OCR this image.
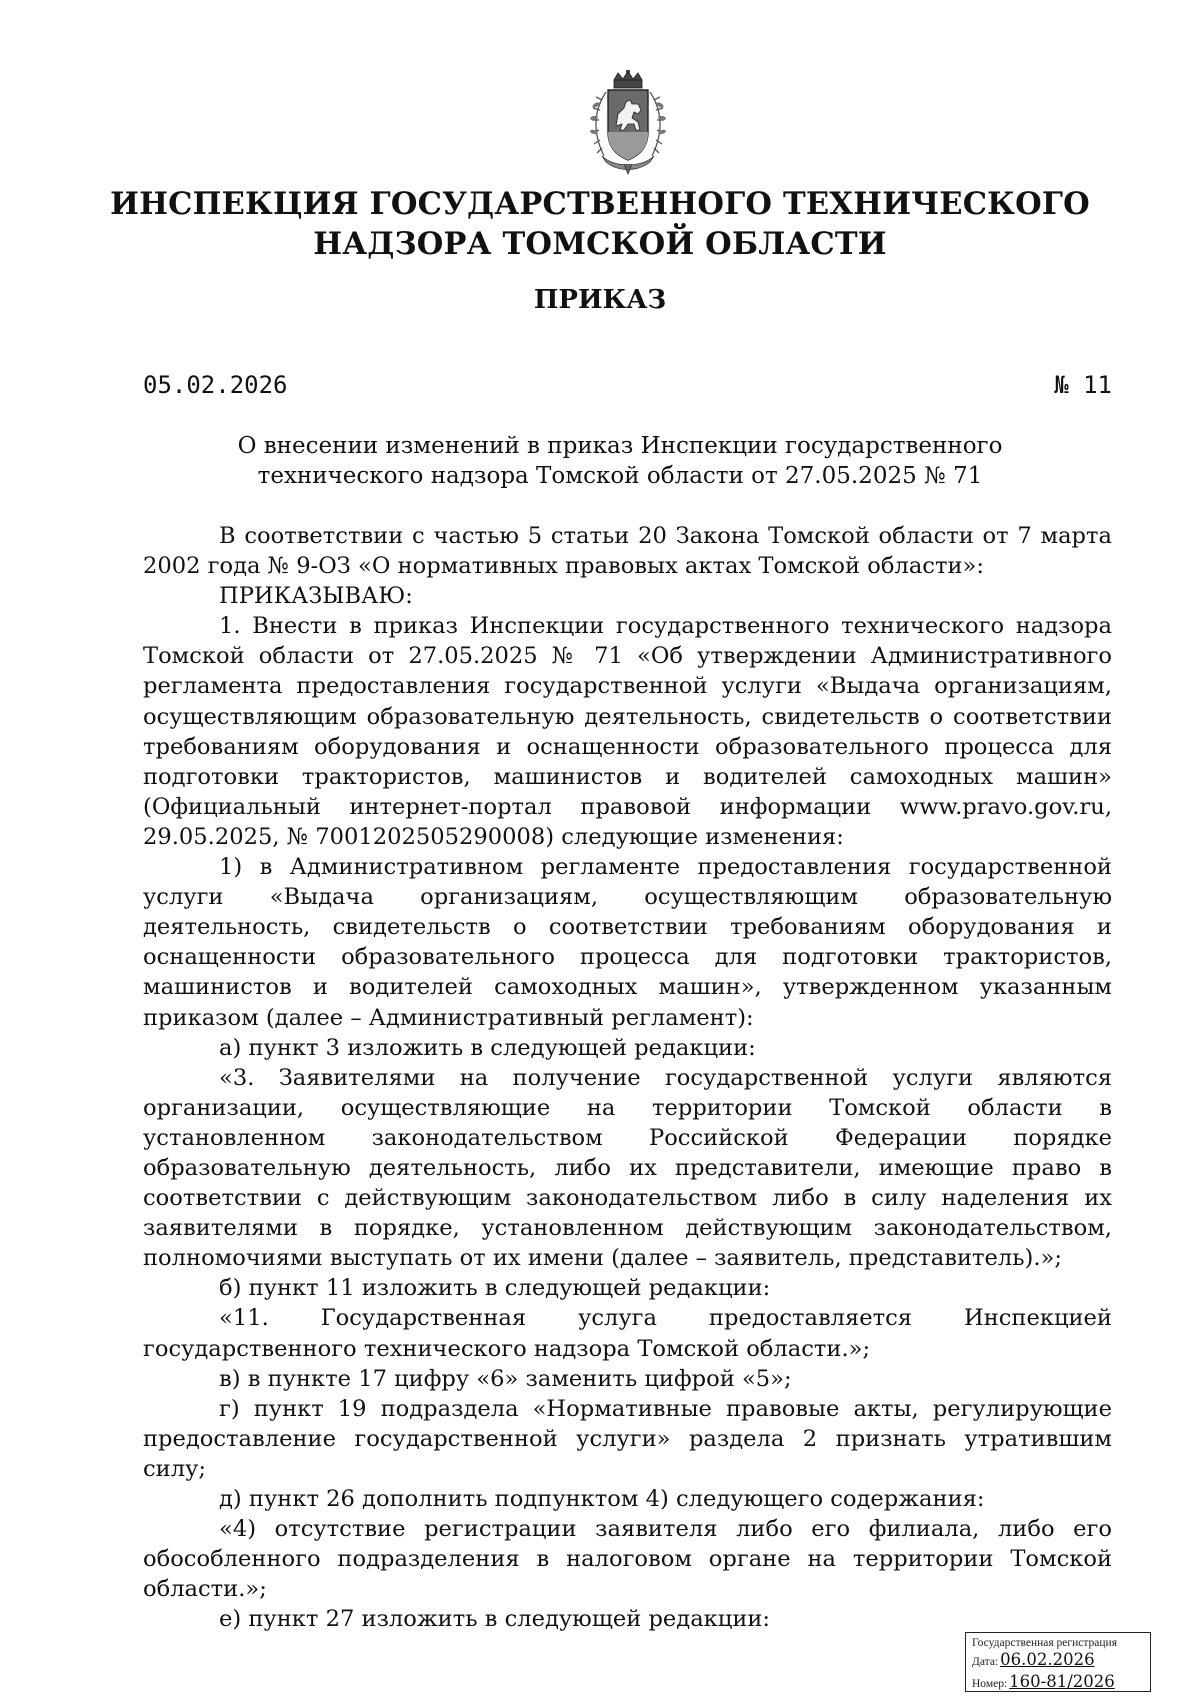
ИНСПЕКЦИЯ ГОСУДАРСТВЕННОГО ТЕХНИЧЕСКОГО
НАДЗОРА ТОМСКОЙ ОБЛАСТИ
ПРИКАЗ
05.02.2026	№ 11
О внесении изменений в приказ Инспекции государственного технического надзора Томской области от 27.05.2025 № 71

В соответствии с частью 5 статьи 20 Закона Томской области от 7 марта 2002 года № 9-ОЗ «О нормативных правовых актах Томской области»:

ПРИКАЗЫВАЮ:

1. Внести в приказ Инспекции государственного технического надзора Томской области от 27.05.2025 № 71 «Об утверждении Административного регламента предоставления государственной услуги «Выдача организациям, осуществляющим образовательную деятельность, свидетельств о соответствии требованиям оборудования и оснащенности образовательного процесса для подготовки трактористов, машинистов и водителей самоходных машин» (Официальный интернет-портал правовой информации www.pravo.gov.ru, 29.05.2025, № 7001202505290008) следующие изменения:

1) в Административном регламенте предоставления государственной услуги «Выдача организациям, осуществляющим образовательную деятельность, свидетельств о соответствии требованиям оборудования и оснащенности образовательного процесса для подготовки трактористов, машинистов и водителей самоходных машин», утвержденном указанным приказом (далее – Административный регламент):

а) пункт 3 изложить в следующей редакции:

«3. Заявителями на получение государственной услуги являются организации, осуществляющие на территории Томской области в установленном законодательством Российской Федерации порядке образовательную деятельность, либо их представители, имеющие право в соответствии с действующим законодательством либо в силу наделения их заявителями в порядке, установленном действующим законодательством, полномочиями выступать от их имени (далее – заявитель, представитель).»;

б) пункт 11 изложить в следующей редакции:

«11. Государственная услуга предоставляется Инспекцией государственного технического надзора Томской области.»;

в) в пункте 17 цифру «6» заменить цифрой «5»;

г) пункт 19 подраздела «Нормативные правовые акты, регулирующие предоставление государственной услуги» раздела 2 признать утратившим силу;

д) пункт 26 дополнить подпунктом 4) следующего содержания:

«4) отсутствие регистрации заявителя либо его филиала, либо его обособленного подразделения в налоговом органе на территории Томской области.»;

е) пункт 27 изложить в следующей редакции:

Государственная регистрация
Дата: 06.02.2026
Номер: 160-81/2026
